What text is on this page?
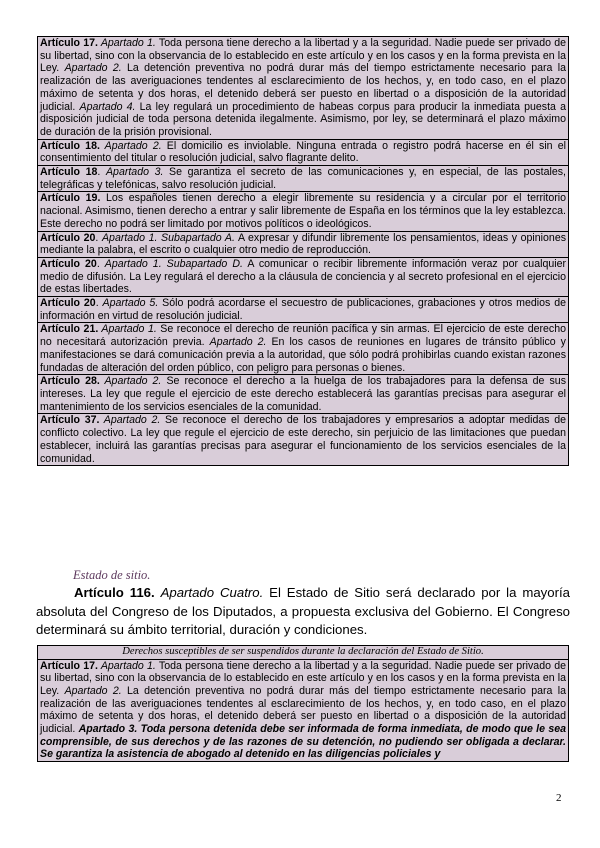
Artículo 17. Apartado 1. Toda persona tiene derecho a la libertad y a la seguridad. Nadie puede ser privado de su libertad, sino con la observancia de lo establecido en este artículo y en los casos y en la forma prevista en la Ley. Apartado 2. La detención preventiva no podrá durar más del tiempo estrictamente necesario para la realización de las averiguaciones tendentes al esclarecimiento de los hechos, y, en todo caso, en el plazo máximo de setenta y dos horas, el detenido deberá ser puesto en libertad o a disposición de la autoridad judicial. Apartado 4. La ley regulará un procedimiento de habeas corpus para producir la inmediata puesta a disposición judicial de toda persona detenida ilegalmente. Asimismo, por ley, se determinará el plazo máximo de duración de la prisión provisional.
Artículo 18. Apartado 2. El domicilio es inviolable. Ninguna entrada o registro podrá hacerse en él sin el consentimiento del titular o resolución judicial, salvo flagrante delito.
Artículo 18. Apartado 3. Se garantiza el secreto de las comunicaciones y, en especial, de las postales, telegráficas y telefónicas, salvo resolución judicial.
Artículo 19. Los españoles tienen derecho a elegir libremente su residencia y a circular por el territorio nacional. Asimismo, tienen derecho a entrar y salir libremente de España en los términos que la ley establezca. Este derecho no podrá ser limitado por motivos políticos o ideológicos.
Artículo 20. Apartado 1. Subapartado A. A expresar y difundir libremente los pensamientos, ideas y opiniones mediante la palabra, el escrito o cualquier otro medio de reproducción.
Artículo 20. Apartado 1. Subapartado D. A comunicar o recibir libremente información veraz por cualquier medio de difusión. La Ley regulará el derecho a la cláusula de conciencia y al secreto profesional en el ejercicio de estas libertades.
Artículo 20. Apartado 5. Sólo podrá acordarse el secuestro de publicaciones, grabaciones y otros medios de información en virtud de resolución judicial.
Artículo 21. Apartado 1. Se reconoce el derecho de reunión pacífica y sin armas. El ejercicio de este derecho no necesitará autorización previa. Apartado 2. En los casos de reuniones en lugares de tránsito público y manifestaciones se dará comunicación previa a la autoridad, que sólo podrá prohibirlas cuando existan razones fundadas de alteración del orden público, con peligro para personas o bienes.
Artículo 28. Apartado 2. Se reconoce el derecho a la huelga de los trabajadores para la defensa de sus intereses. La ley que regule el ejercicio de este derecho establecerá las garantías precisas para asegurar el mantenimiento de los servicios esenciales de la comunidad.
Artículo 37. Apartado 2. Se reconoce el derecho de los trabajadores y empresarios a adoptar medidas de conflicto colectivo. La ley que regule el ejercicio de este derecho, sin perjuicio de las limitaciones que puedan establecer, incluirá las garantías precisas para asegurar el funcionamiento de los servicios esenciales de la comunidad.
Estado de sitio.
Artículo 116. Apartado Cuatro. El Estado de Sitio será declarado por la mayoría absoluta del Congreso de los Diputados, a propuesta exclusiva del Gobierno. El Congreso determinará su ámbito territorial, duración y condiciones.
Derechos susceptibles de ser suspendidos durante la declaración del Estado de Sitio.
Artículo 17. Apartado 1. Toda persona tiene derecho a la libertad y a la seguridad. Nadie puede ser privado de su libertad, sino con la observancia de lo establecido en este artículo y en los casos y en la forma prevista en la Ley. Apartado 2. La detención preventiva no podrá durar más del tiempo estrictamente necesario para la realización de las averiguaciones tendentes al esclarecimiento de los hechos, y, en todo caso, en el plazo máximo de setenta y dos horas, el detenido deberá ser puesto en libertad o a disposición de la autoridad judicial. Apartado 3. Toda persona detenida debe ser informada de forma inmediata, de modo que le sea comprensible, de sus derechos y de las razones de su detención, no pudiendo ser obligada a declarar. Se garantiza la asistencia de abogado al detenido en las diligencias policiales y
2
